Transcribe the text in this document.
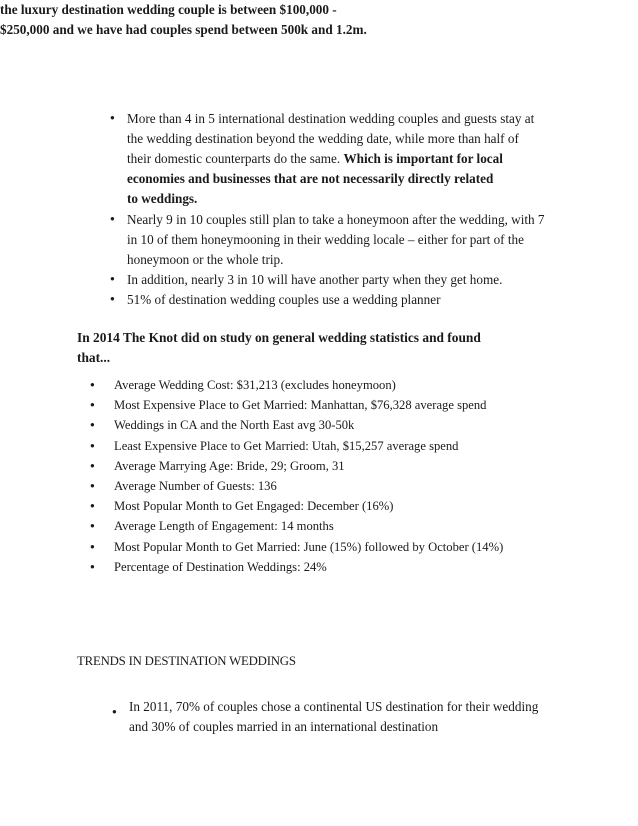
the luxury destination wedding couple is between $100,000 -
$250,000 and we have had couples spend between 500k and 1.2m.
More than 4 in 5 international destination wedding couples and guests stay at
the wedding destination beyond the wedding date, while more than half of
their domestic counterparts do the same. Which is important for local
economies and businesses that are not necessarily directly related
to weddings.
Nearly 9 in 10 couples still plan to take a honeymoon after the wedding, with 7
in 10 of them honeymooning in their wedding locale – either for part of the
honeymoon or the whole trip.
In addition, nearly 3 in 10 will have another party when they get home.
51% of destination wedding couples use a wedding planner
In 2014 The Knot did on study on general wedding statistics and found
that...
● Average Wedding Cost: $31,213 (excludes honeymoon)
● Most Expensive Place to Get Married: Manhattan, $76,328 average spend
● Weddings in CA and the North East avg 30-50k
● Least Expensive Place to Get Married: Utah, $15,257 average spend
● Average Marrying Age: Bride, 29; Groom, 31
● Average Number of Guests: 136
● Most Popular Month to Get Engaged: December (16%)
● Average Length of Engagement: 14 months
● Most Popular Month to Get Married: June (15%) followed by October (14%)
● Percentage of Destination Weddings: 24%
TRENDS IN DESTINATION WEDDINGS
● In 2011, 70% of couples chose a continental US destination for their wedding
and 30% of couples married in an international destination
●
●
●
●
